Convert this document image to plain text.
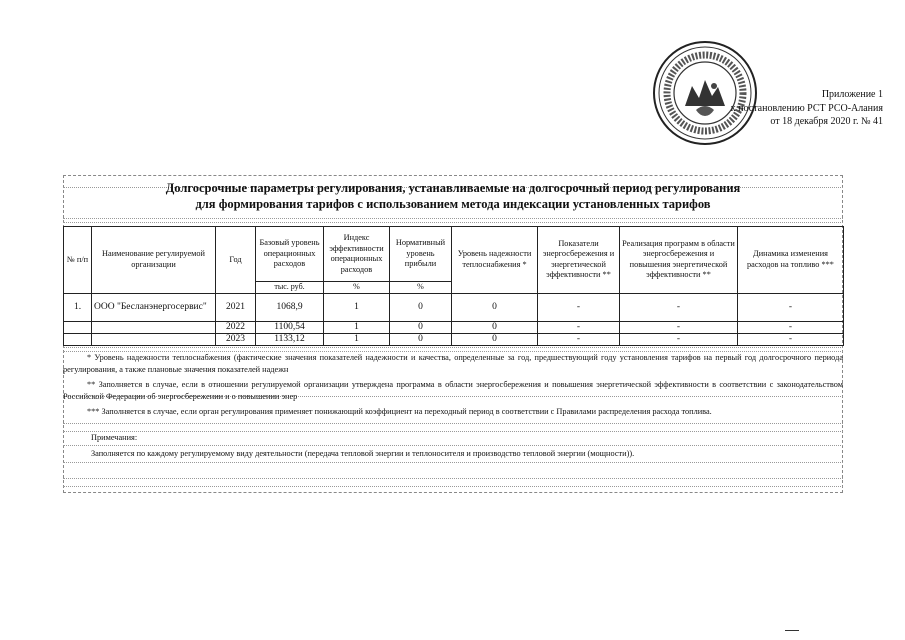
Приложение 1
к постановлению РСТ РСО-Алания
от 18 декабря 2020 г. № 41
Долгосрочные параметры регулирования, устанавливаемые на долгосрочный период регулирования
для формирования тарифов с использованием метода индексации установленных тарифов
№ п/п	Наименование регулируемой организации	Год	Базовый уровень операционных расходов	Индекс эффективности операционных расходов	Нормативный уровень прибыли	Уровень надежности теплоснабжения *	Показатели энергосбережения и энергетической эффективности **	Реализация программ в области энергосбережения и повышения энергетической эффективности **	Динамика изменения расходов на топливо ***
			тыс. руб.	%	%				
1.	ООО "Бесланэнергосервис"	2021	1068,9	1	0	0	-	-	-
		2022	1100,54	1	0	0	-	-	-
		2023	1133,12	1	0	0	-	-	-

* Уровень надежности теплоснабжения (фактические значения показателей надежности и качества, определенные за год, предшествующий году установления тарифов на первый год долгосрочного периода регулирования, а также плановые значения показателей надежн

** Заполняется в случае, если в отношении регулируемой организации утверждена программа в области энергосбережения и повышения энергетической эффективности в соответствии с законодательством Российской Федерации об энергосбережении и о повышении энер

*** Заполняется в случае, если орган регулирования применяет понижающий коэффициент на переходный период в соответствии с Правилами распределения расхода топлива.

Примечания:

Заполняется по каждому регулируемому виду деятельности (передача тепловой энергии и теплоносителя и производство тепловой энергии (мощности)).
